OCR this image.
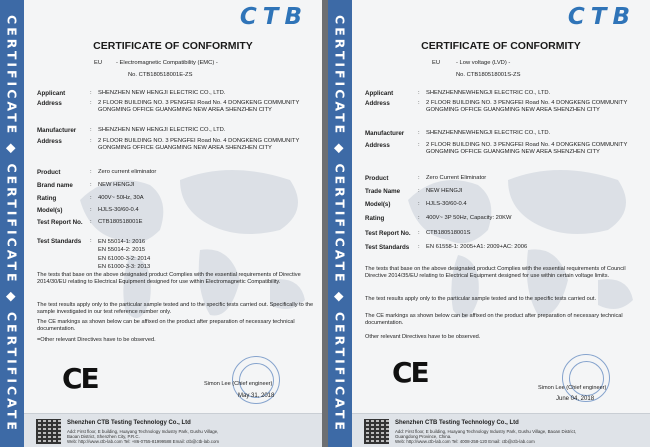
CERTIFICATE ◆ CERTIFICATE ◆ CERTIFICATE	CTB
CERTIFICATE OF CONFORMITY
EU - Electromagnetic Compatibility (EMC) -
No. CTB180518001E-ZS
Applicant	: SHENZHEN NEW HENGJI ELECTRIC CO., LTD.
Address	: 2 FLOOR BUILDING NO. 3 PENGFEI Road No. 4 DONGKENG COMMUNITY GONGMING OFFICE GUANGMING NEW AREA SHENZHEN CITY
Manufacturer : SHENZHEN NEW HENGJI ELECTRIC CO., LTD.
Address	: 2 FLOOR BUILDING NO. 3 PENGFEI Road No. 4 DONGKENG COMMUNITY GONGMING OFFICE GUANGMING NEW AREA SHENZHEN CITY
Product	: Zero current eliminator
Brand name	: NEW HENGJI
Rating	: 400V~ 50Hz, 30A
Model(s)	: HJLS-30/60-0.4
Test Report No. : CTB180518001E
Test Standards : EN 55014-1: 2016
EN 55014-2: 2015
EN 61000-3-2: 2014
EN 61000-3-3: 2013
The tests that base on the above designated product Complies with the essential requirements of Directive 2014/30/EU relating to Electrical Equipment designed for use within Electromagnetic Compatibility.
The test results apply only to the particular sample tested and to the specific tests carried out. Specifically to the sample investigated in our test reference number only.
The CE markings as shown below can be affixed on the product after preparation of necessary technical documentation.
=Other relevant Directives have to be observed.
CE	Simon Lee (Chief engineer)
May 31, 2018
Shenzhen CTB Testing Technology Co., Ltd
Add: First floor, E building, Huayang Technology Industry Park, Gushu Village,
Baoan District, Shenzhen City, P.R.C.
Web: http://www.ctb-lab.com Tel: +86-0755-81999588 Email: ctb@ctb-lab.com
CERTIFICATE ◆ CERTIFICATE ◆ CERTIFICATE	CTB
CERTIFICATE OF CONFORMITY
EU	- Low voltage (LVD) -
No. CTB180518001S-ZS
Applicant	: SHENZHENNEWHENGJI ELECTRIC CO., LTD.
Address	: 2 FLOOR BUILDING NO. 3 PENGFEI Road No. 4 DONGKENG COMMUNITY GONGMING OFFICE GUANGMING NEW AREA SHENZHEN CITY
Manufacturer : SHENZHENNEWHENGJI ELECTRIC CO., LTD.
Address	: 2 FLOOR BUILDING NO. 3 PENGFEI Road No. 4 DONGKENG COMMUNITY GONGMING OFFICE GUANGMING NEW AREA SHENZHEN CITY
Product	: Zero Current Eliminator
Trade Name	: NEW HENGJI
Model(s)	: HJLS-30/60-0.4
Rating	: 400V~ 3P 50Hz, Capacity: 20KW
Test Report No. : CTB180518001S
Test Standards : EN 61558-1: 2005+A1: 2009+AC: 2006
The tests that base on the above designated product Complies with the essential requirements of Council Directive 2014/35/EU relating to Electrical Equipment designed for use within certain voltage limits.
The test results apply only to the particular sample tested and to the specific tests carried out.
The CE markings as shown below can be affixed on the product after preparation of necessary technical documentation.
Other relevant Directives have to be observed.
CE	Simon Lee (Chief engineer)
June 04, 2018
Shenzhen CTB Testing Technology Co., Ltd
Add: First floor, E building, Huayang Technology Industry Park, Gushu Village, Baoan District,
Guangdong Province, China.
Web: http://www.ctb-lab.com Tel: 4008-258-120 Email: ctb@ctb-lab.com
